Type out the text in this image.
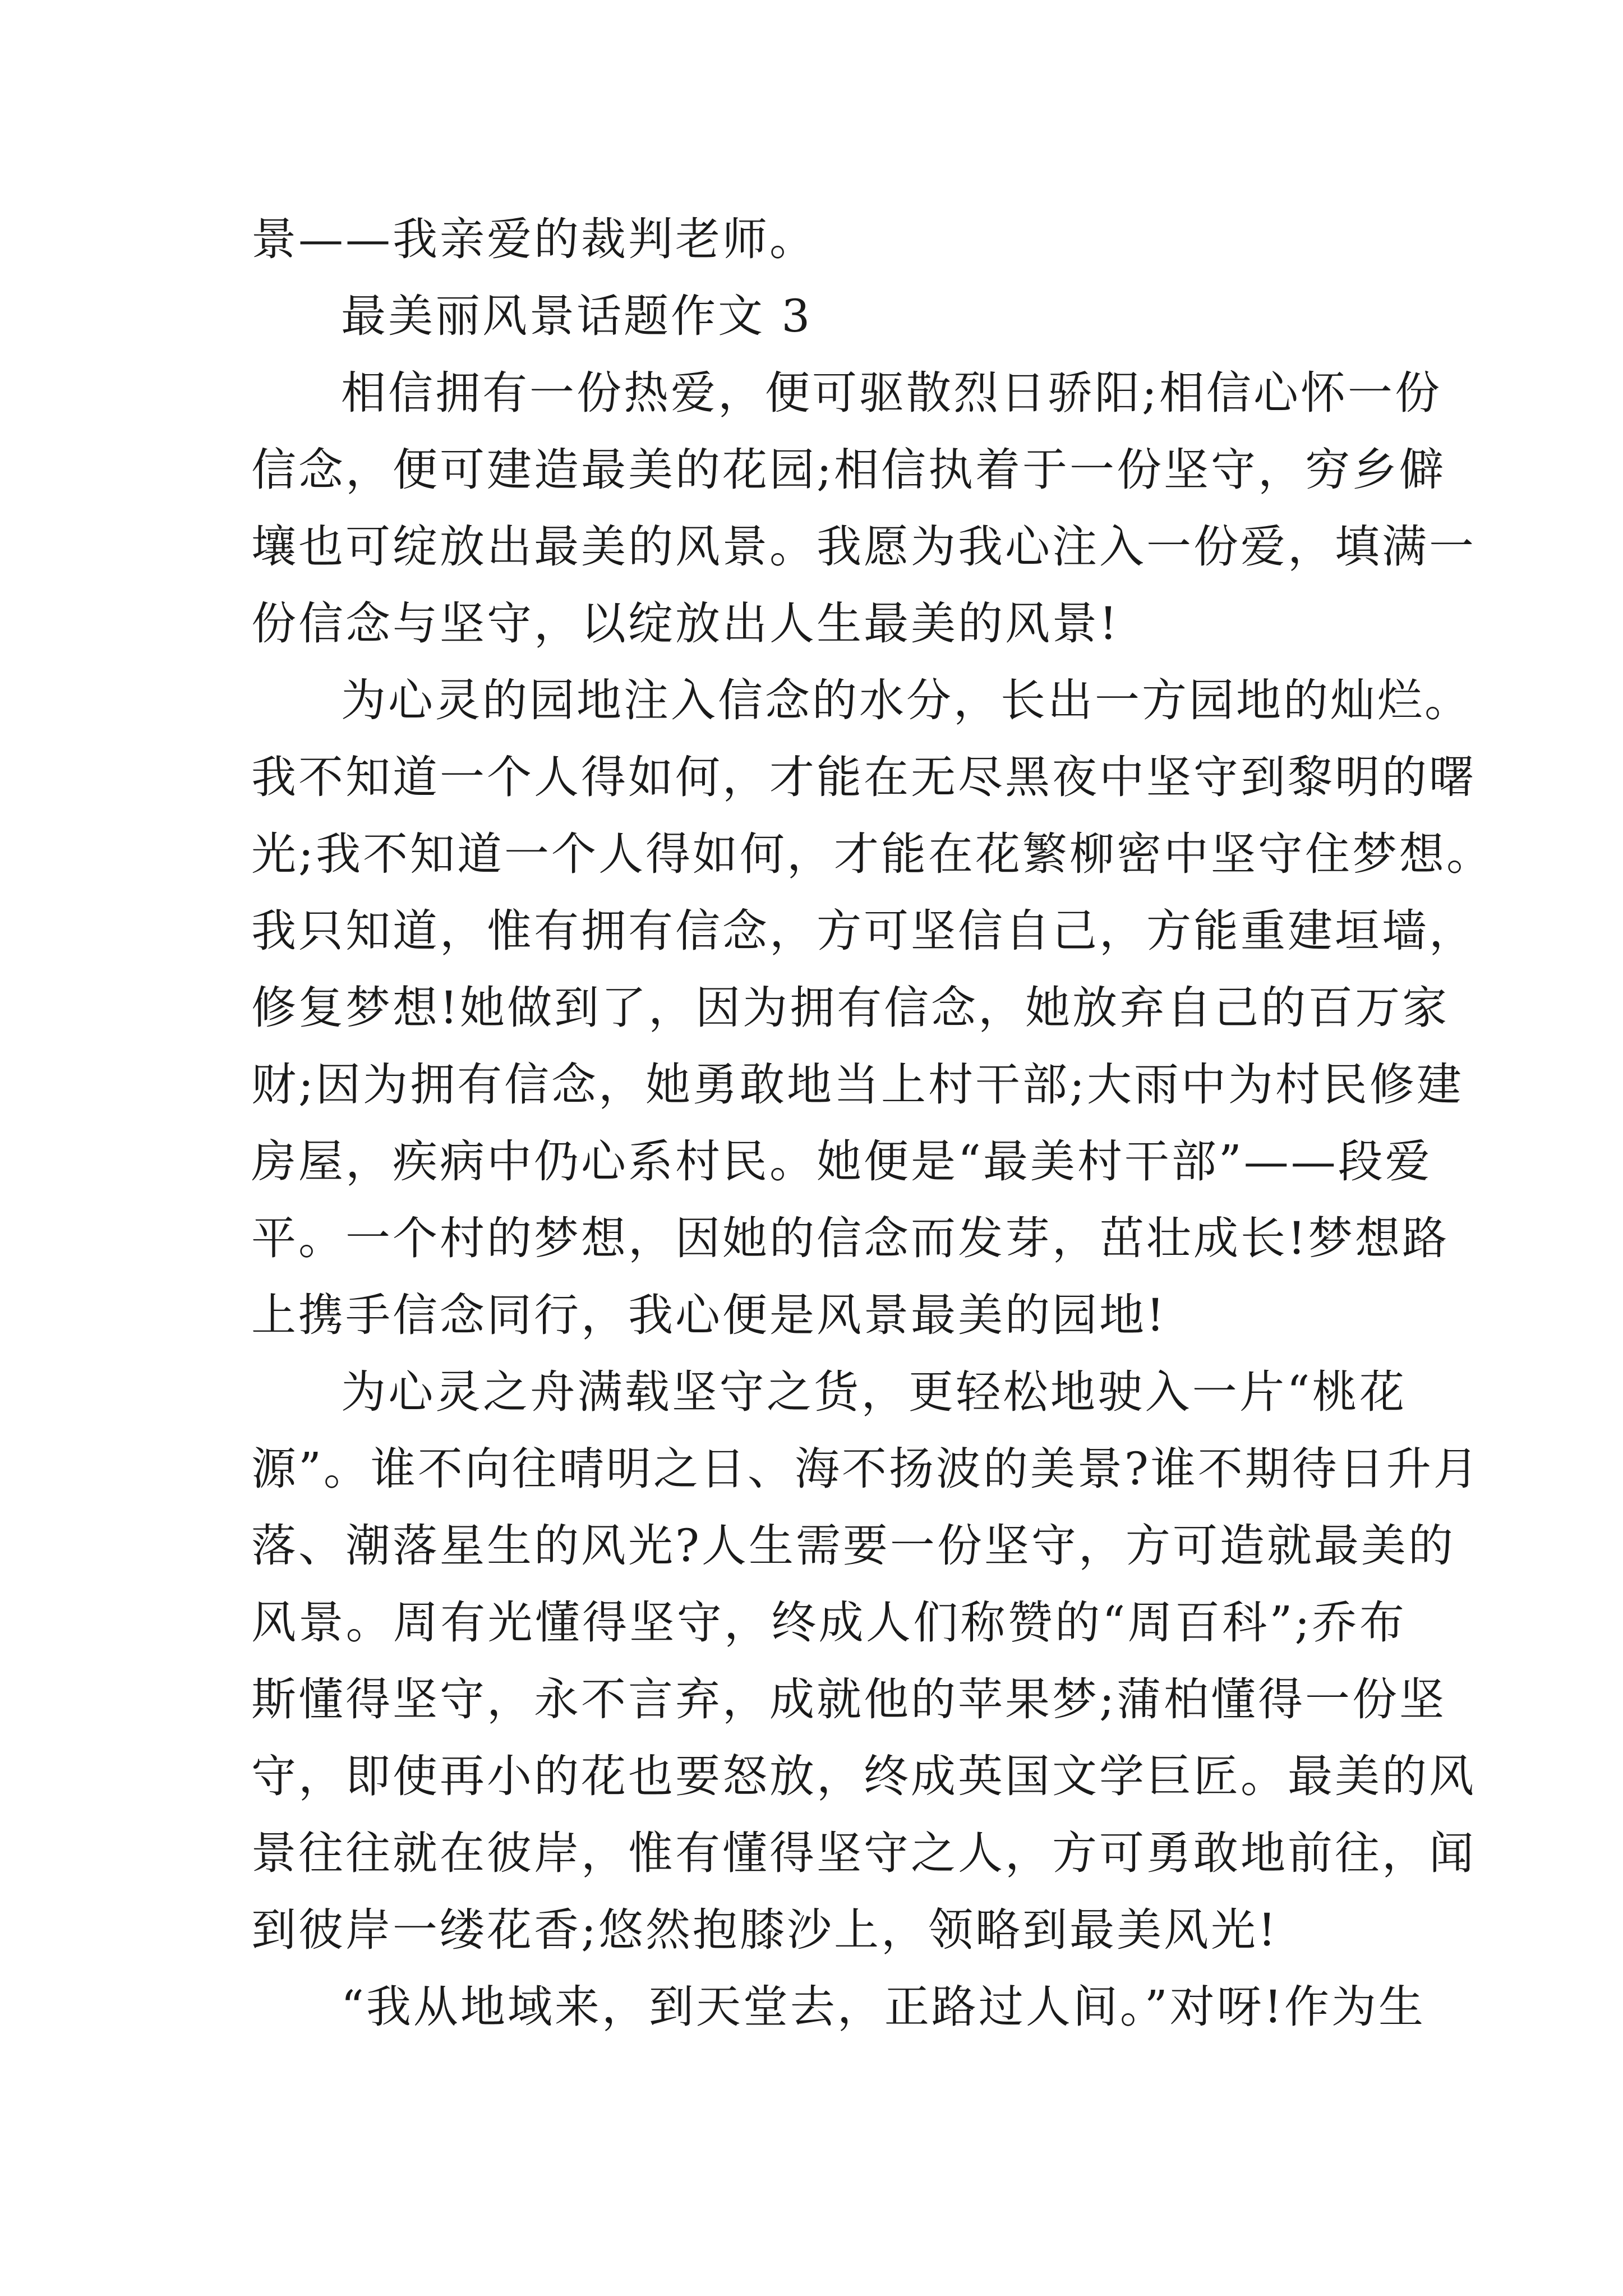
景——我亲爱的裁判老师。
最美丽风景话题作文 3
相信拥有一份热爱，便可驱散烈日骄阳;相信心怀一份
信念，便可建造最美的花园;相信执着于一份坚守，穷乡僻
壤也可绽放出最美的风景。我愿为我心注入一份爱，填满一
份信念与坚守，以绽放出人生最美的风景!
为心灵的园地注入信念的水分，长出一方园地的灿烂。
我不知道一个人得如何，才能在无尽黑夜中坚守到黎明的曙
光;我不知道一个人得如何，才能在花繁柳密中坚守住梦想。
我只知道，惟有拥有信念，方可坚信自己，方能重建垣墙，
修复梦想!她做到了，因为拥有信念，她放弃自己的百万家
财;因为拥有信念，她勇敢地当上村干部;大雨中为村民修建
房屋，疾病中仍心系村民。她便是“最美村干部”——段爱
平。一个村的梦想，因她的信念而发芽，茁壮成长!梦想路
上携手信念同行，我心便是风景最美的园地!
为心灵之舟满载坚守之货，更轻松地驶入一片“桃花
源”。谁不向往晴明之日、海不扬波的美景?谁不期待日升月
落、潮落星生的风光?人生需要一份坚守，方可造就最美的
风景。周有光懂得坚守，终成人们称赞的“周百科”;乔布
斯懂得坚守，永不言弃，成就他的苹果梦;蒲柏懂得一份坚
守，即使再小的花也要怒放，终成英国文学巨匠。最美的风
景往往就在彼岸，惟有懂得坚守之人，方可勇敢地前往，闻
到彼岸一缕花香;悠然抱膝沙上，领略到最美风光!
“我从地域来，到天堂去，正路过人间。”对呀!作为生
